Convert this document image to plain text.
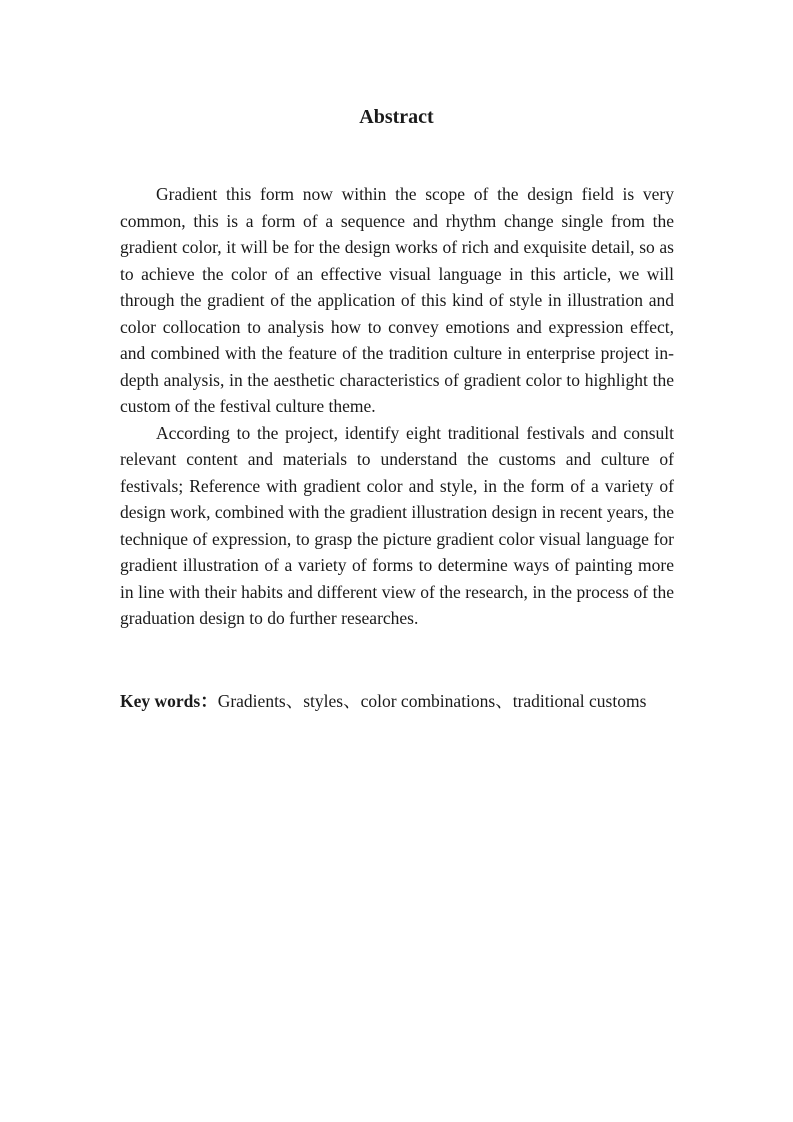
Abstract

Gradient this form now within the scope of the design field is very common, this is a form of a sequence and rhythm change single from the gradient color, it will be for the design works of rich and exquisite detail, so as to achieve the color of an effective visual language in this article, we will through the gradient of the application of this kind of style in illustration and color collocation to analysis how to convey emotions and expression effect, and combined with the feature of the tradition culture in enterprise project in-depth analysis, in the aesthetic characteristics of gradient color to highlight the custom of the festival culture theme.

According to the project, identify eight traditional festivals and consult relevant content and materials to understand the customs and culture of festivals; Reference with gradient color and style, in the form of a variety of design work, combined with the gradient illustration design in recent years, the technique of expression, to grasp the picture gradient color visual language for gradient illustration of a variety of forms to determine ways of painting more in line with their habits and different view of the research, in the process of the graduation design to do further researches.

Key words：Gradients、styles、color combinations、traditional customs
